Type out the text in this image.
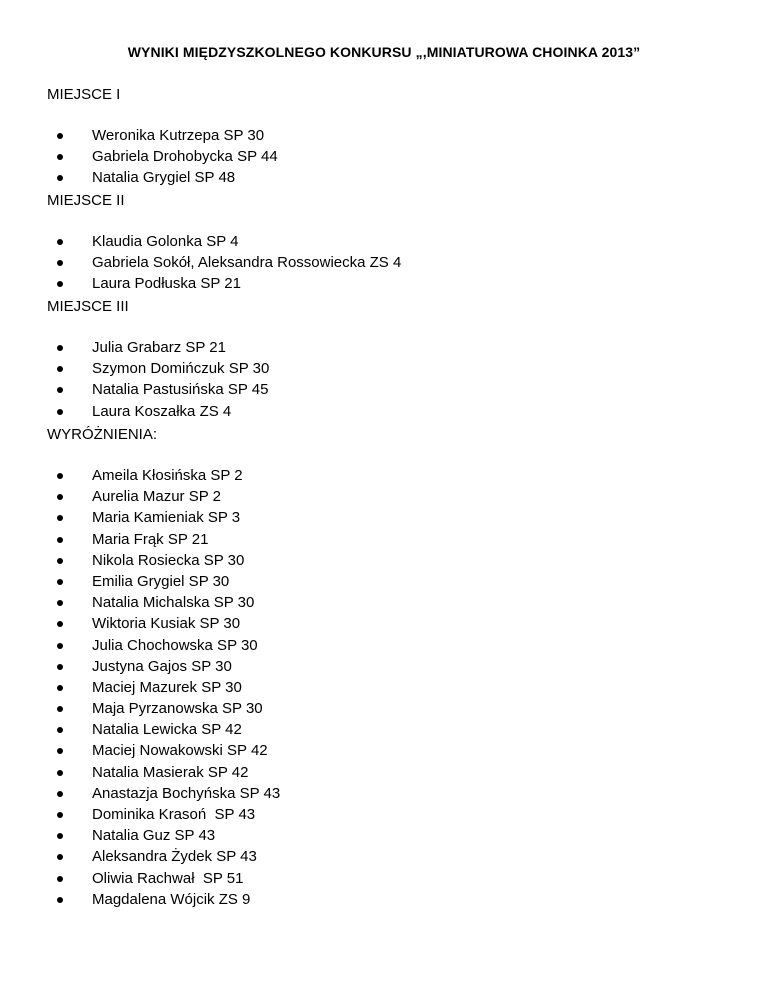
WYNIKI MIĘDZYSZKOLNEGO KONKURSU „,MINIATUROWA CHOINKA 2013”
MIEJSCE I
Weronika Kutrzepa SP 30
Gabriela Drohobycka SP 44
Natalia Grygiel SP 48
MIEJSCE II
Klaudia Golonka SP 4
Gabriela Sokół, Aleksandra Rossowiecka ZS 4
Laura Podłuska SP 21
MIEJSCE III
Julia Grabarz SP 21
Szymon Domińczuk SP 30
Natalia Pastusińska SP 45
Laura Koszałka ZS 4
WYRÓŻNIENIA:
Ameila Kłosińska SP 2
Aurelia Mazur SP 2
Maria Kamieniak SP 3
Maria Frąk SP 21
Nikola Rosiecka SP 30
Emilia Grygiel SP 30
Natalia Michalska SP 30
Wiktoria Kusiak SP 30
Julia Chochowska SP 30
Justyna Gajos SP 30
Maciej Mazurek SP 30
Maja Pyrzanowska SP 30
Natalia Lewicka SP 42
Maciej Nowakowski SP 42
Natalia Masierak SP 42
Anastazja Bochyńska SP 43
Dominika Krasoń  SP 43
Natalia Guz SP 43
Aleksandra Żydek SP 43
Oliwia Rachwał  SP 51
Magdalena Wójcik ZS 9
